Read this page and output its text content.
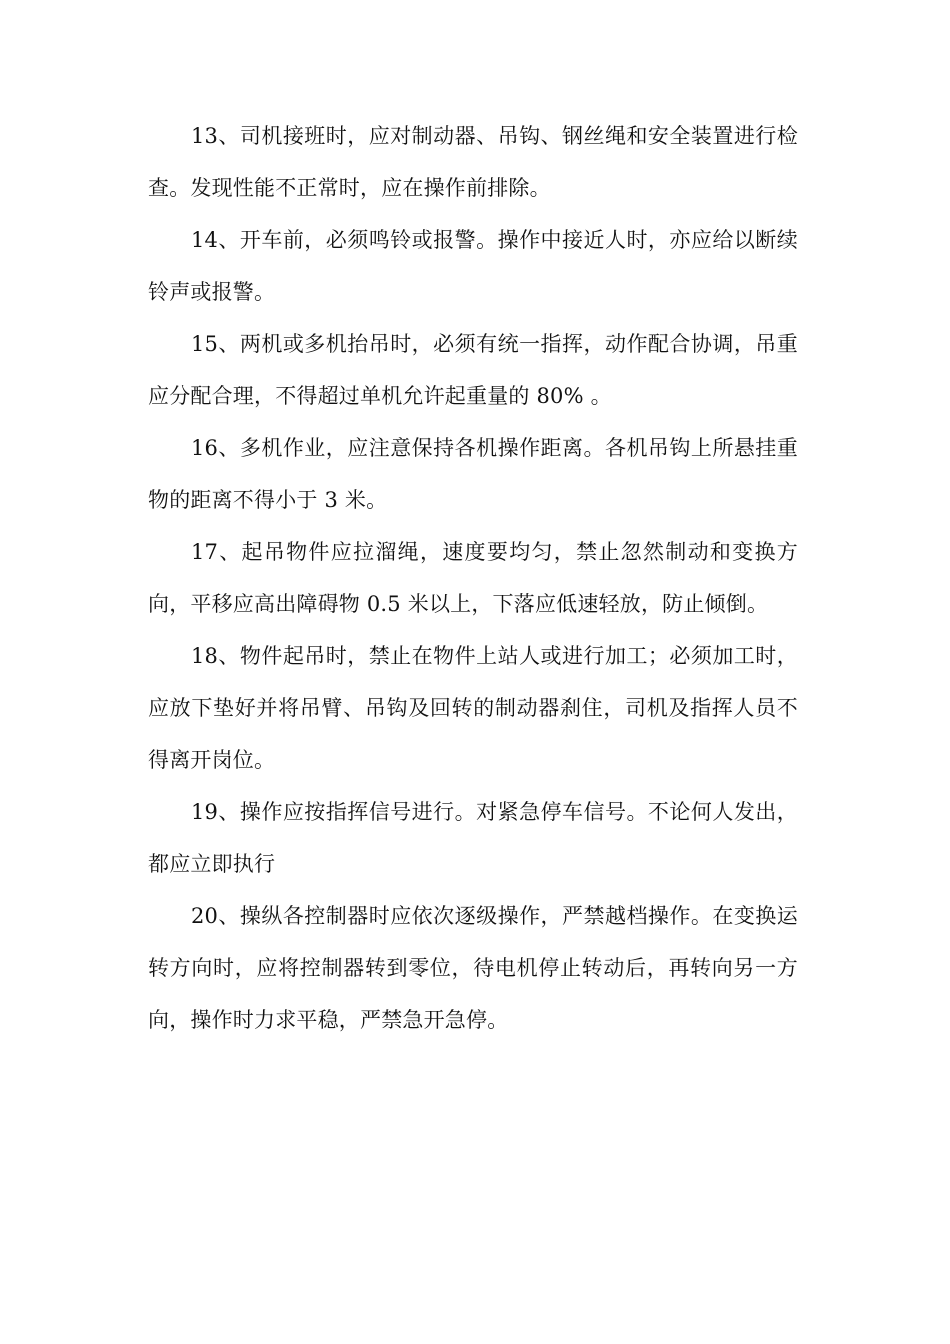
13、司机接班时，应对制动器、吊钩、钢丝绳和安全装置进行检查。发现性能不正常时，应在操作前排除。

14、开车前，必须鸣铃或报警。操作中接近人时，亦应给以断续铃声或报警。

15、两机或多机抬吊时，必须有统一指挥，动作配合协调，吊重应分配合理，不得超过单机允许起重量的 80% 。

16、多机作业，应注意保持各机操作距离。各机吊钩上所悬挂重物的距离不得小于 3 米。

17、起吊物件应拉溜绳，速度要均匀，禁止忽然制动和变换方向，平移应高出障碍物 0.5 米以上，下落应低速轻放，防止倾倒。

18、物件起吊时，禁止在物件上站人或进行加工；必须加工时，应放下垫好并将吊臂、吊钩及回转的制动器刹住，司机及指挥人员不得离开岗位。

19、操作应按指挥信号进行。对紧急停车信号。不论何人发出，都应立即执行

20、操纵各控制器时应依次逐级操作，严禁越档操作。在变换运转方向时，应将控制器转到零位，待电机停止转动后，再转向另一方向，操作时力求平稳，严禁急开急停。
